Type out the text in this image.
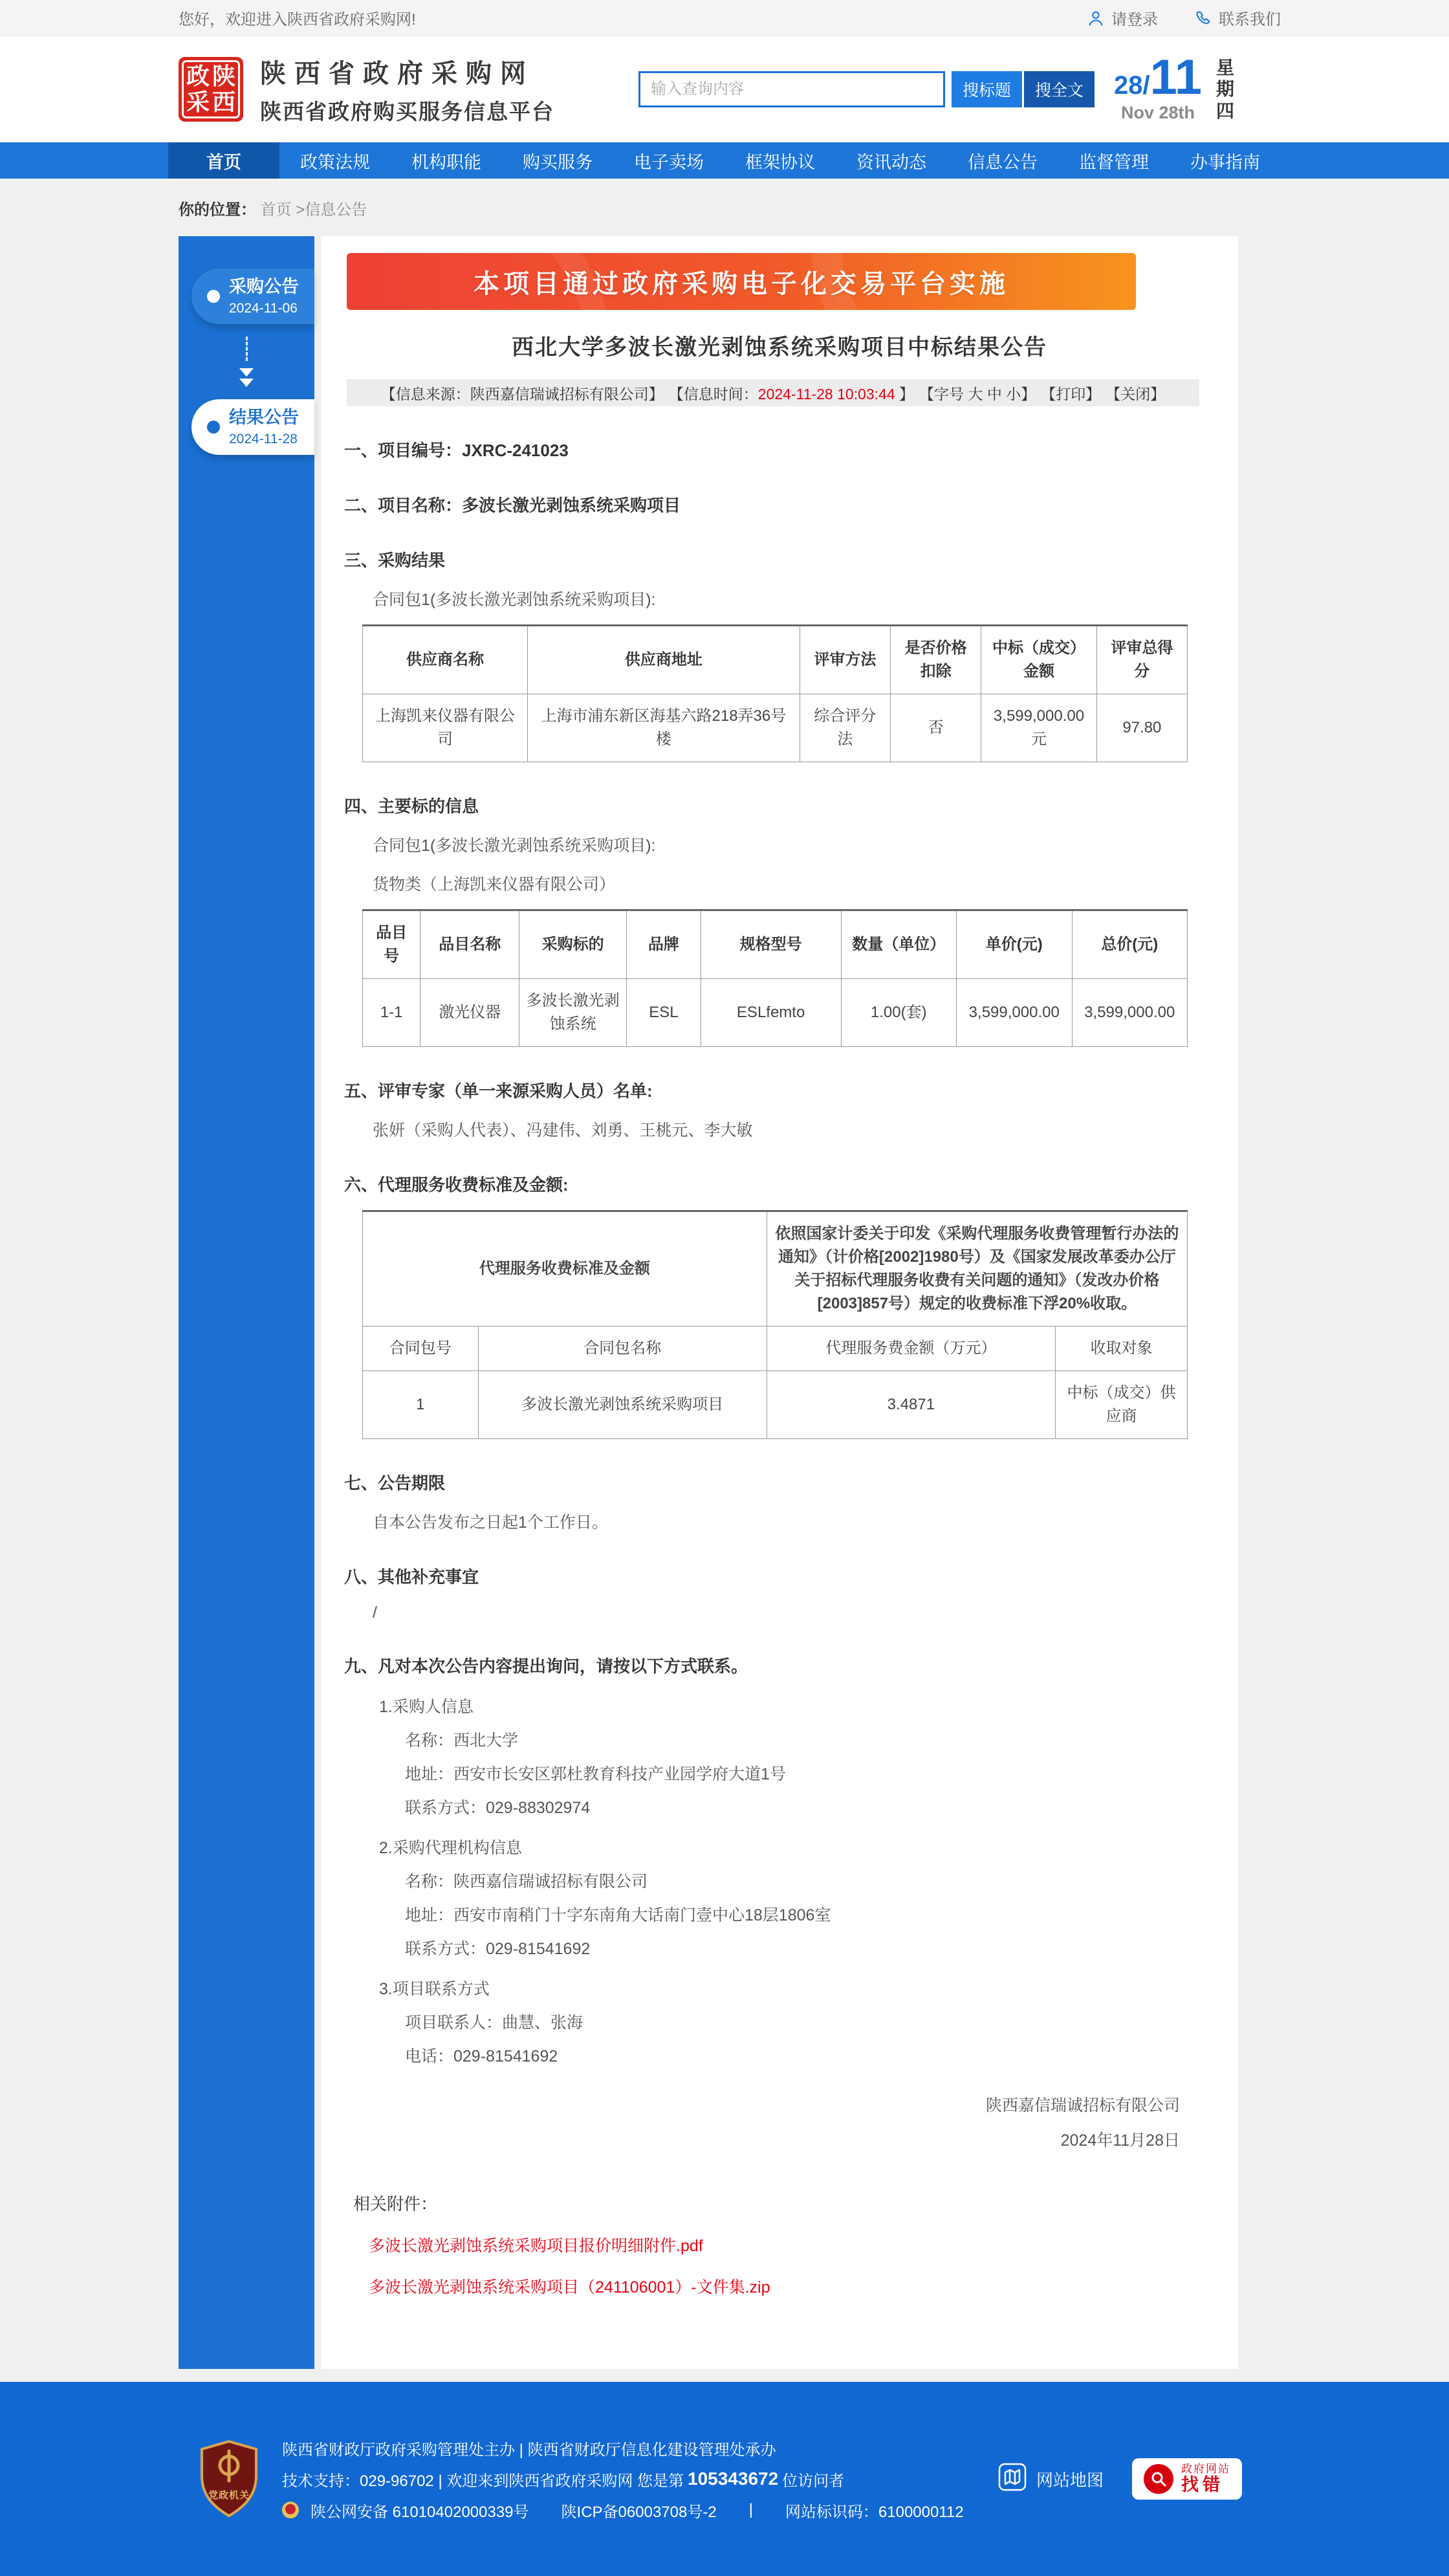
您好，欢迎进入陕西省政府采购网!	请登录	联系我们
政 陕
采 西
陕西省政府采购网
陕西省政府购买服务信息平台
输入查询内容
搜标题	搜全文	28/ 11
Nov 28th
星期四
首页	政策法规	机构职能	购买服务	电子卖场	框架协议	资讯动态	信息公告	监督管理	办事指南
你的位置： 首页 >信息公告
采购公告
2024-11-06
结果公告
2024-11-28
本项目通过政府采购电子化交易平台实施
西北大学多波长激光剥蚀系统采购项目中标结果公告
【信息来源：陕西嘉信瑞诚招标有限公司】 【信息时间：2024-11-28 10:03:44 】 【字号 大 中 小】 【打印】 【关闭】
一、项目编号：JXRC-241023
二、项目名称：多波长激光剥蚀系统采购项目
三、采购结果
合同包1(多波长激光剥蚀系统采购项目):
供应商名称	供应商地址	评审方法	是否价格扣除	中标（成交）金额	评审总得分
上海凯来仪器有限公司	上海市浦东新区海基六路218弄36号楼	综合评分法	否	3,599,000.00元	97.80
四、主要标的信息
合同包1(多波长激光剥蚀系统采购项目):
货物类（上海凯来仪器有限公司）
品目号	品目名称	采购标的	品牌	规格型号	数量（单位）	单价(元)	总价(元)
1-1	激光仪器	多波长激光剥蚀系统	ESL	ESLfemto	1.00(套)	3,599,000.00	3,599,000.00
五、评审专家（单一来源采购人员）名单:
张妍（采购人代表）、冯建伟、刘勇、王桃元、李大敏
六、代理服务收费标准及金额:
代理服务收费标准及金额		依照国家计委关于印发《采购代理服务收费管理暂行办法的通知》（计价格[2002]1980号）及《国家发展改革委办公厅关于招标代理服务收费有关问题的通知》（发改办价格[2003]857号）规定的收费标准下浮20%收取。	
合同包号	合同包名称	代理服务费金额（万元）	收取对象
1	多波长激光剥蚀系统采购项目	3.4871	中标（成交）供应商
七、公告期限
自本公告发布之日起1个工作日。
八、其他补充事宜
/
九、凡对本次公告内容提出询问，请按以下方式联系。
1.采购人信息
名称：西北大学
地址：西安市长安区郭杜教育科技产业园学府大道1号
联系方式：029-88302974
2.采购代理机构信息
名称：陕西嘉信瑞诚招标有限公司
地址：西安市南稍门十字东南角大话南门壹中心18层1806室
联系方式：029-81541692
3.项目联系方式
项目联系人：曲慧、张海
电话：029-81541692
陕西嘉信瑞诚招标有限公司
2024年11月28日
相关附件：
多波长激光剥蚀系统采购项目报价明细附件.pdf
多波长激光剥蚀系统采购项目（241106001）-文件集.zip
党政机关
陕西省财政厅政府采购管理处主办 | 陕西省财政厅信息化建设管理处承办
技术支持：029-96702 | 欢迎来到陕西省政府采购网 您是第 105343672 位访问者
陕公网安备 61010402000339号 陕ICP备06003708号-2 | 网站标识码：6100000112
网站地图
政府网站
找错
